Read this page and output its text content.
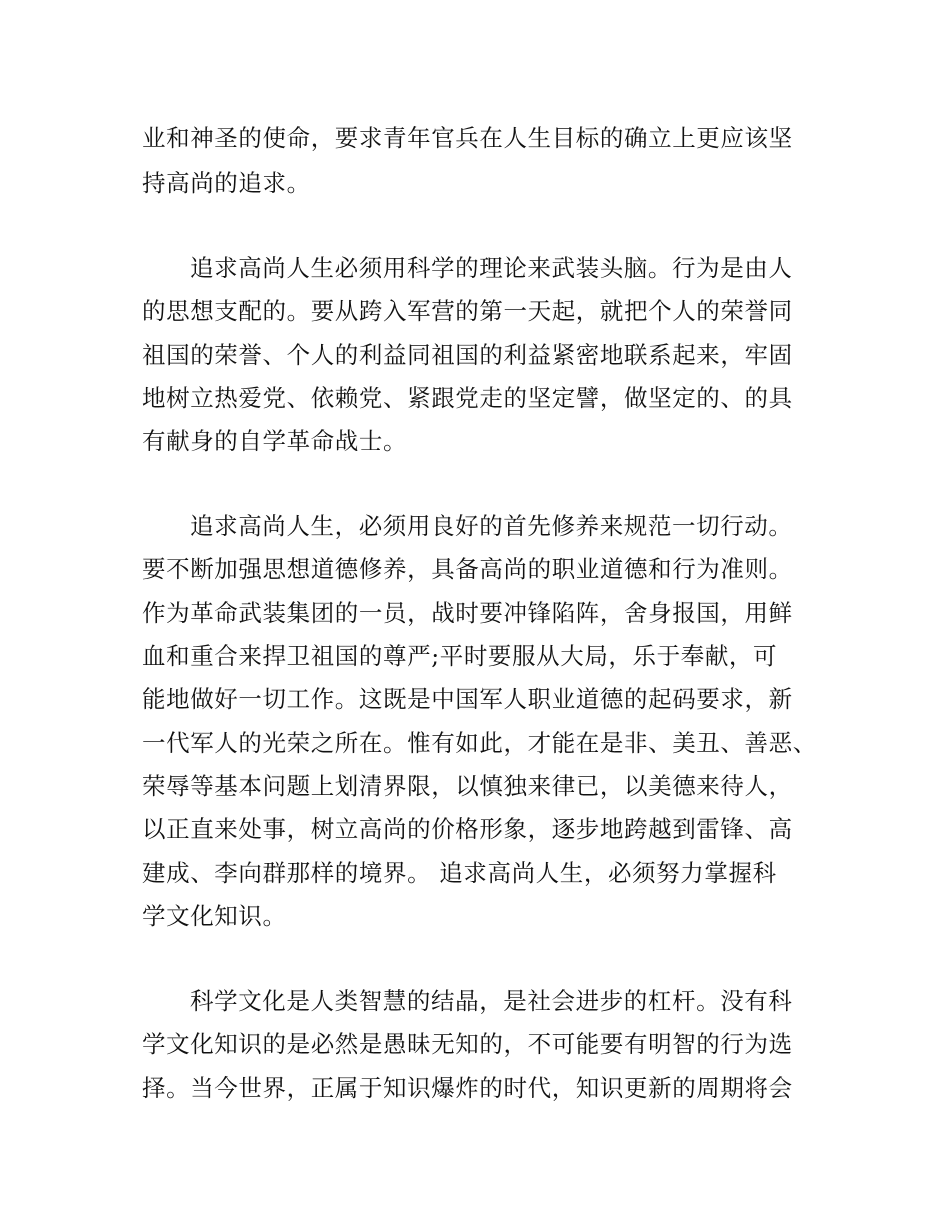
业和神圣的使命，要求青年官兵在人生目标的确立上更应该坚
持高尚的追求。
追求高尚人生必须用科学的理论来武装头脑。行为是由人
的思想支配的。要从跨入军营的第一天起，就把个人的荣誉同
祖国的荣誉、个人的利益同祖国的利益紧密地联系起来，牢固
地树立热爱党、依赖党、紧跟党走的坚定譬，做坚定的、的具
有献身的自学革命战士。
追求高尚人生，必须用良好的首先修养来规范一切行动。
要不断加强思想道德修养，具备高尚的职业道德和行为准则。
作为革命武装集团的一员，战时要冲锋陷阵，舍身报国，用鲜
血和重合来捍卫祖国的尊严;平时要服从大局，乐于奉献，可
能地做好一切工作。这既是中国军人职业道德的起码要求，新
一代军人的光荣之所在。惟有如此，才能在是非、美丑、善恶、
荣辱等基本问题上划清界限，以慎独来律已，以美德来待人，
以正直来处事，树立高尚的价格形象，逐步地跨越到雷锋、高
建成、李向群那样的境界。 追求高尚人生，必须努力掌握科
学文化知识。
科学文化是人类智慧的结晶，是社会进步的杠杆。没有科
学文化知识的是必然是愚昧无知的，不可能要有明智的行为选
择。当今世界，正属于知识爆炸的时代，知识更新的周期将会
